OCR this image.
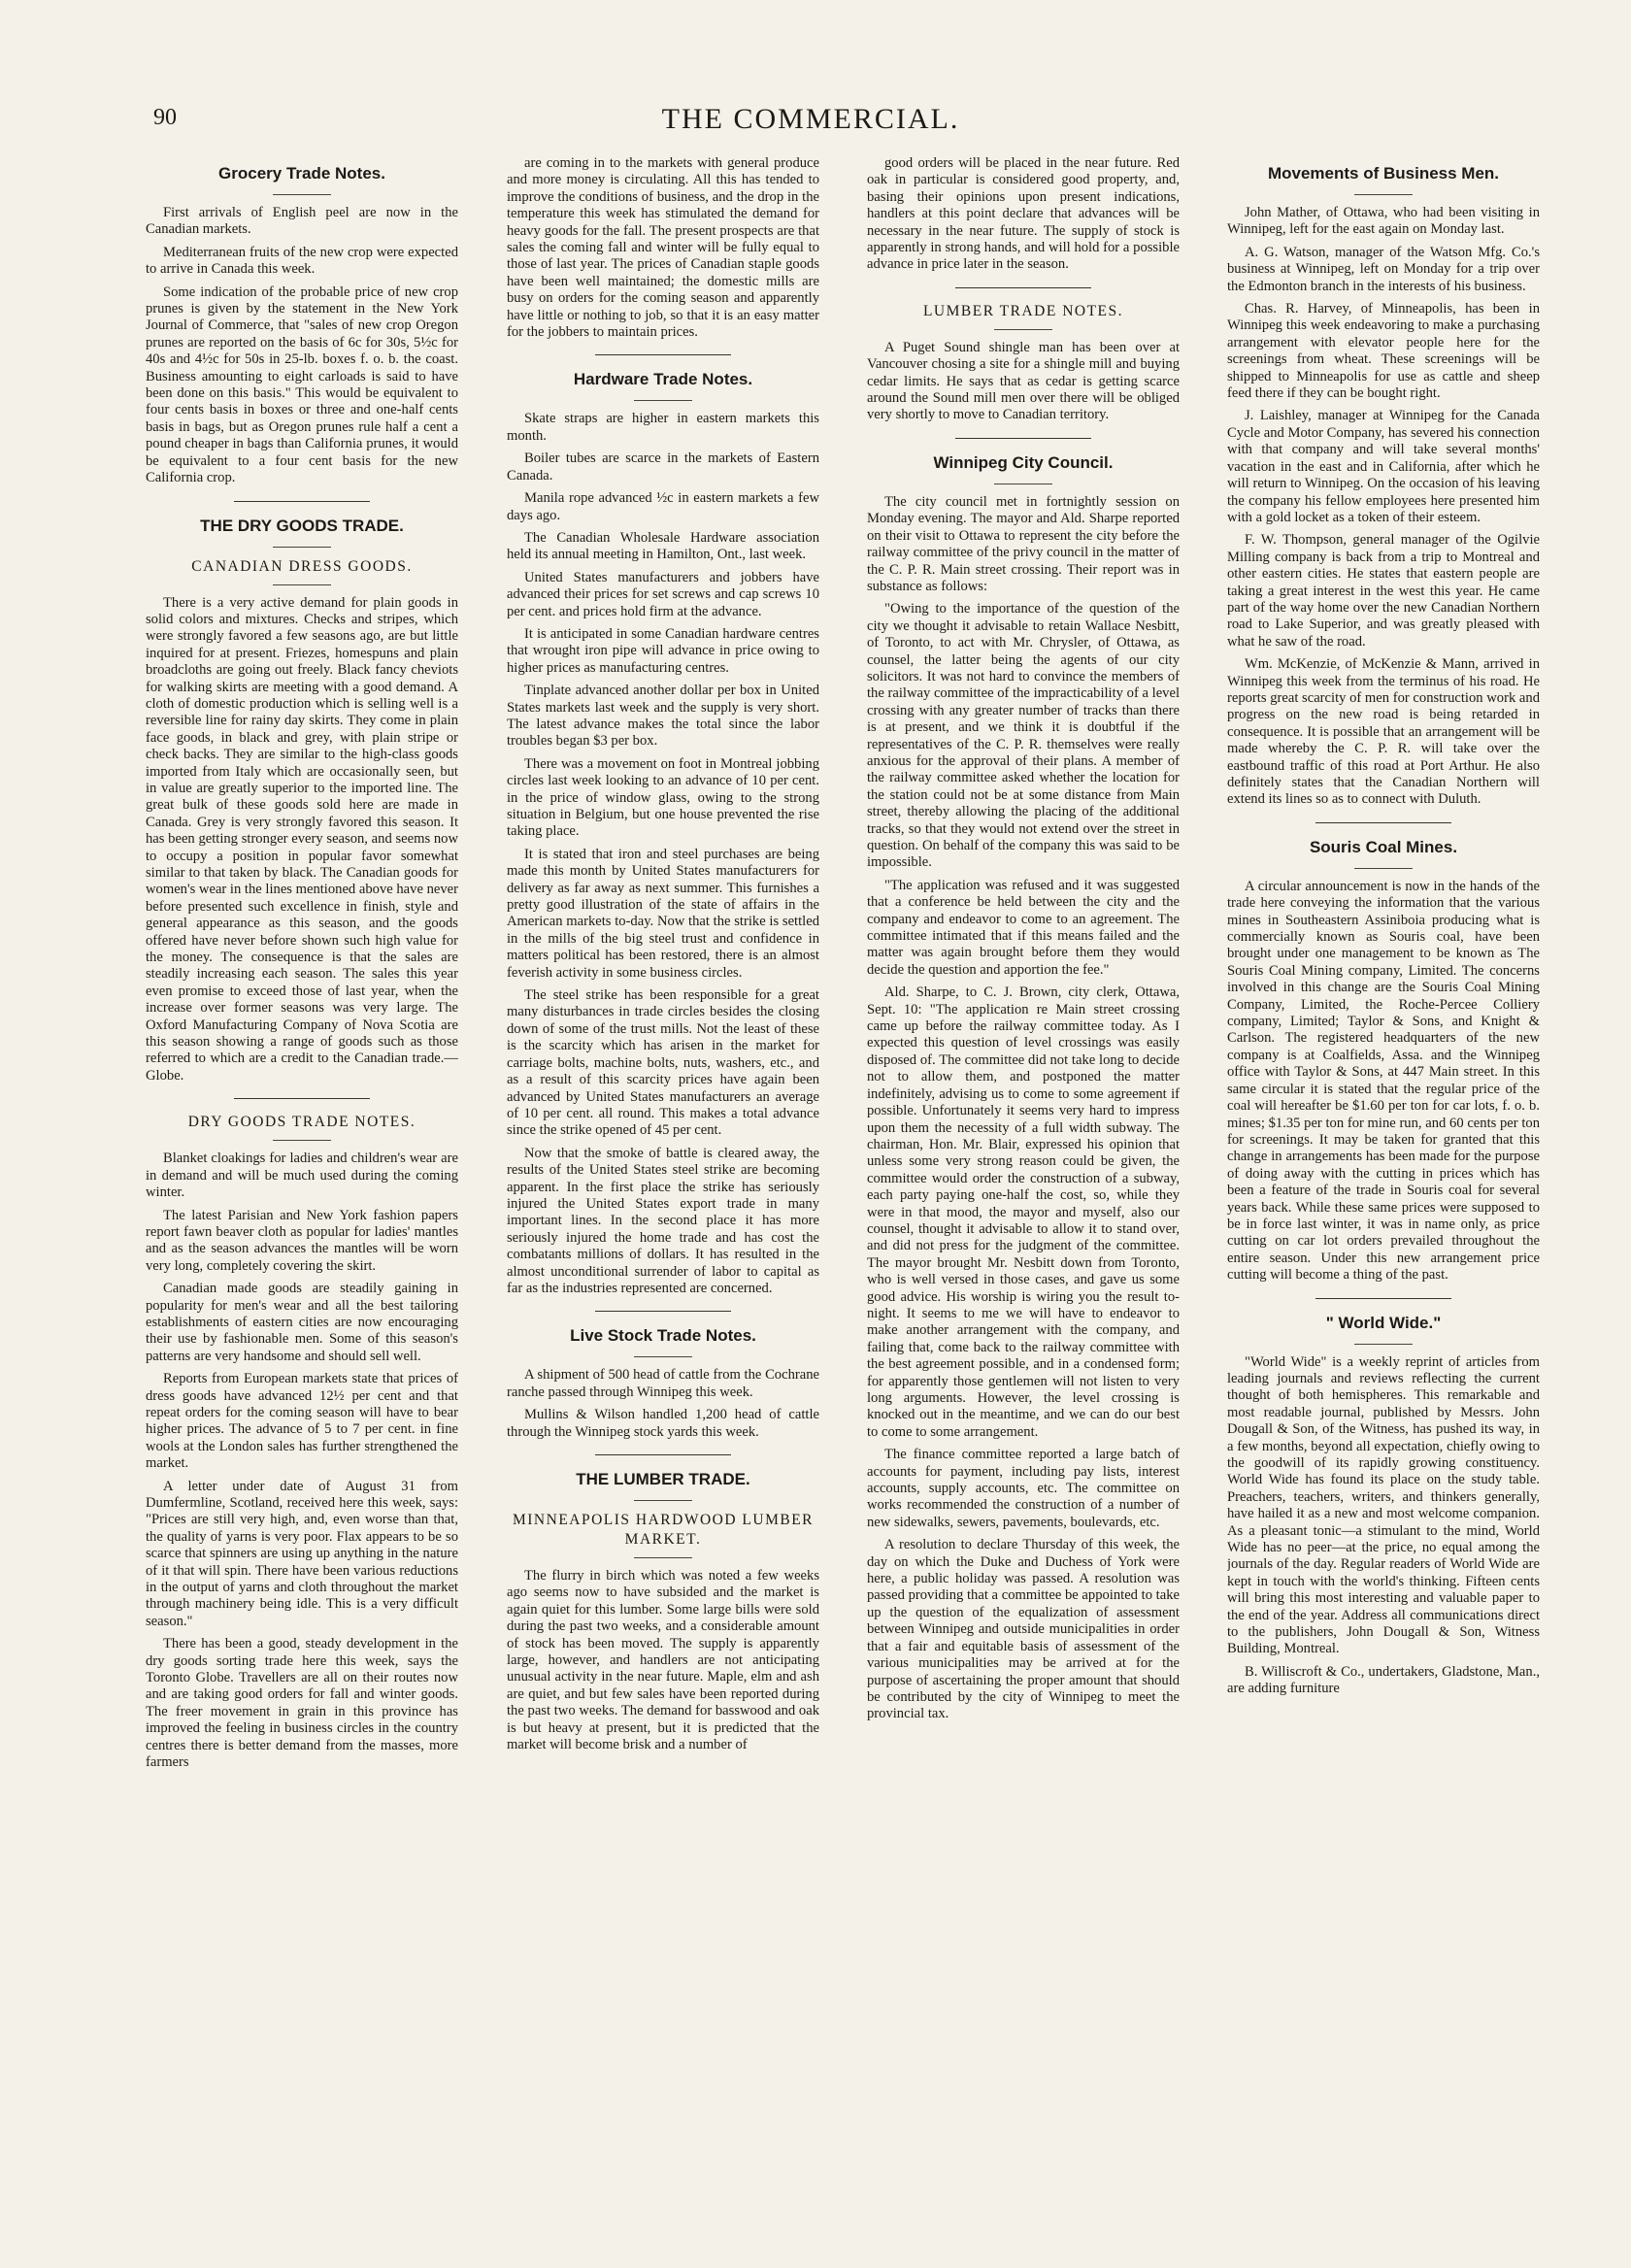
90	THE COMMERCIAL.
Grocery Trade Notes.

First arrivals of English peel are now in the Canadian markets.

Mediterranean fruits of the new crop were expected to arrive in Canada this week.

Some indication of the probable price of new crop prunes is given by the statement in the New York Journal of Commerce, that "sales of new crop Oregon prunes are reported on the basis of 6c for 30s, 5½c for 40s and 4½c for 50s in 25-lb. boxes f. o. b. the coast. Business amounting to eight carloads is said to have been done on this basis." This would be equivalent to four cents basis in boxes or three and one-half cents basis in bags, but as Oregon prunes rule half a cent a pound cheaper in bags than California prunes, it would be equivalent to a four cent basis for the new California crop.

THE DRY GOODS TRADE.
CANADIAN DRESS GOODS.

There is a very active demand for plain goods in solid colors and mixtures. Checks and stripes, which were strongly favored a few seasons ago, are but little inquired for at present. Friezes, homespuns and plain broadcloths are going out freely. Black fancy cheviots for walking skirts are meeting with a good demand. A cloth of domestic production which is selling well is a reversible line for rainy day skirts. They come in plain face goods, in black and grey, with plain stripe or check backs. They are similar to the high-class goods imported from Italy which are occasionally seen, but in value are greatly superior to the imported line. The great bulk of these goods sold here are made in Canada. Grey is very strongly favored this season. It has been getting stronger every season, and seems now to occupy a position in popular favor somewhat similar to that taken by black. The Canadian goods for women's wear in the lines mentioned above have never before presented such excellence in finish, style and general appearance as this season, and the goods offered have never before shown such high value for the money. The consequence is that the sales are steadily increasing each season. The sales this year even promise to exceed those of last year, when the increase over former seasons was very large. The Oxford Manufacturing Company of Nova Scotia are this season showing a range of goods such as those referred to which are a credit to the Canadian trade.—Globe.

DRY GOODS TRADE NOTES.

Blanket cloakings for ladies and children's wear are in demand and will be much used during the coming winter.

The latest Parisian and New York fashion papers report fawn beaver cloth as popular for ladies' mantles and as the season advances the mantles will be worn very long, completely covering the skirt.

Canadian made goods are steadily gaining in popularity for men's wear and all the best tailoring establishments of eastern cities are now encouraging their use by fashionable men. Some of this season's patterns are very handsome and should sell well.

Reports from European markets state that prices of dress goods have advanced 12½ per cent and that repeat orders for the coming season will have to bear higher prices. The advance of 5 to 7 per cent. in fine wools at the London sales has further strengthened the market.

A letter under date of August 31 from Dumfermline, Scotland, received here this week, says: "Prices are still very high, and, even worse than that, the quality of yarns is very poor. Flax appears to be so scarce that spinners are using up anything in the nature of it that will spin. There have been various reductions in the output of yarns and cloth throughout the market through machinery being idle. This is a very difficult season."

There has been a good, steady development in the dry goods sorting trade here this week, says the Toronto Globe. Travellers are all on their routes now and are taking good orders for fall and winter goods. The freer movement in grain in this province has improved the feeling in business circles in the country centres there is better demand from the masses, more farmers

are coming in to the markets with general produce and more money is circulating. All this has tended to improve the conditions of business, and the drop in the temperature this week has stimulated the demand for heavy goods for the fall. The present prospects are that sales the coming fall and winter will be fully equal to those of last year. The prices of Canadian staple goods have been well maintained; the domestic mills are busy on orders for the coming season and apparently have little or nothing to job, so that it is an easy matter for the jobbers to maintain prices.

Hardware Trade Notes.

Skate straps are higher in eastern markets this month.

Boiler tubes are scarce in the markets of Eastern Canada.

Manila rope advanced ½c in eastern markets a few days ago.

The Canadian Wholesale Hardware association held its annual meeting in Hamilton, Ont., last week.

United States manufacturers and jobbers have advanced their prices for set screws and cap screws 10 per cent. and prices hold firm at the advance.

It is anticipated in some Canadian hardware centres that wrought iron pipe will advance in price owing to higher prices as manufacturing centres.

Tinplate advanced another dollar per box in United States markets last week and the supply is very short. The latest advance makes the total since the labor troubles began $3 per box.

There was a movement on foot in Montreal jobbing circles last week looking to an advance of 10 per cent. in the price of window glass, owing to the strong situation in Belgium, but one house prevented the rise taking place.

It is stated that iron and steel purchases are being made this month by United States manufacturers for delivery as far away as next summer. This furnishes a pretty good illustration of the state of affairs in the American markets to-day. Now that the strike is settled in the mills of the big steel trust and confidence in matters political has been restored, there is an almost feverish activity in some business circles.

The steel strike has been responsible for a great many disturbances in trade circles besides the closing down of some of the trust mills. Not the least of these is the scarcity which has arisen in the market for carriage bolts, machine bolts, nuts, washers, etc., and as a result of this scarcity prices have again been advanced by United States manufacturers an average of 10 per cent. all round. This makes a total advance since the strike opened of 45 per cent.

Now that the smoke of battle is cleared away, the results of the United States steel strike are becoming apparent. In the first place the strike has seriously injured the United States export trade in many important lines. In the second place it has more seriously injured the home trade and has cost the combatants millions of dollars. It has resulted in the almost unconditional surrender of labor to capital as far as the industries represented are concerned.

Live Stock Trade Notes.

A shipment of 500 head of cattle from the Cochrane ranche passed through Winnipeg this week.

Mullins & Wilson handled 1,200 head of cattle through the Winnipeg stock yards this week.

THE LUMBER TRADE.
MINNEAPOLIS HARDWOOD LUMBER MARKET.

The flurry in birch which was noted a few weeks ago seems now to have subsided and the market is again quiet for this lumber. Some large bills were sold during the past two weeks, and a considerable amount of stock has been moved. The supply is apparently large, however, and handlers are not anticipating unusual activity in the near future. Maple, elm and ash are quiet, and but few sales have been reported during the past two weeks. The demand for basswood and oak is but heavy at present, but it is predicted that the market will become brisk and a number of

good orders will be placed in the near future. Red oak in particular is considered good property, and, basing their opinions upon present indications, handlers at this point declare that advances will be necessary in the near future. The supply of stock is apparently in strong hands, and will hold for a possible advance in price later in the season.

LUMBER TRADE NOTES.

A Puget Sound shingle man has been over at Vancouver chosing a site for a shingle mill and buying cedar limits. He says that as cedar is getting scarce around the Sound mill men over there will be obliged very shortly to move to Canadian territory.

Winnipeg City Council.

The city council met in fortnightly session on Monday evening. The mayor and Ald. Sharpe reported on their visit to Ottawa to represent the city before the railway committee of the privy council in the matter of the C. P. R. Main street crossing. Their report was in substance as follows:

"Owing to the importance of the question of the city we thought it advisable to retain Wallace Nesbitt, of Toronto, to act with Mr. Chrysler, of Ottawa, as counsel, the latter being the agents of our city solicitors. It was not hard to convince the members of the railway committee of the impracticability of a level crossing with any greater number of tracks than there is at present, and we think it is doubtful if the representatives of the C. P. R. themselves were really anxious for the approval of their plans. A member of the railway committee asked whether the location for the station could not be at some distance from Main street, thereby allowing the placing of the additional tracks, so that they would not extend over the street in question. On behalf of the company this was said to be impossible.

"The application was refused and it was suggested that a conference be held between the city and the company and endeavor to come to an agreement. The committee intimated that if this means failed and the matter was again brought before them they would decide the question and apportion the fee."

Ald. Sharpe, to C. J. Brown, city clerk, Ottawa, Sept. 10: "The application re Main street crossing came up before the railway committee today. As I expected this question of level crossings was easily disposed of. The committee did not take long to decide not to allow them, and postponed the matter indefinitely, advising us to come to some agreement if possible. Unfortunately it seems very hard to impress upon them the necessity of a full width subway. The chairman, Hon. Mr. Blair, expressed his opinion that unless some very strong reason could be given, the committee would order the construction of a subway, each party paying one-half the cost, so, while they were in that mood, the mayor and myself, also our counsel, thought it advisable to allow it to stand over, and did not press for the judgment of the committee. The mayor brought Mr. Nesbitt down from Toronto, who is well versed in those cases, and gave us some good advice. His worship is wiring you the result to-night. It seems to me we will have to endeavor to make another arrangement with the company, and failing that, come back to the railway committee with the best agreement possible, and in a condensed form; for apparently those gentlemen will not listen to very long arguments. However, the level crossing is knocked out in the meantime, and we can do our best to come to some arrangement.

The finance committee reported a large batch of accounts for payment, including pay lists, interest accounts, supply accounts, etc. The committee on works recommended the construction of a number of new sidewalks, sewers, pavements, boulevards, etc.

A resolution to declare Thursday of this week, the day on which the Duke and Duchess of York were here, a public holiday was passed. A resolution was passed providing that a committee be appointed to take up the question of the equalization of assessment between Winnipeg and outside municipalities in order that a fair and equitable basis of assessment of the various municipalities may be arrived at for the purpose of ascertaining the proper amount that should be contributed by the city of Winnipeg to meet the provincial tax.

Movements of Business Men.

John Mather, of Ottawa, who had been visiting in Winnipeg, left for the east again on Monday last.

A. G. Watson, manager of the Watson Mfg. Co.'s business at Winnipeg, left on Monday for a trip over the Edmonton branch in the interests of his business.

Chas. R. Harvey, of Minneapolis, has been in Winnipeg this week endeavoring to make a purchasing arrangement with elevator people here for the screenings from wheat. These screenings will be shipped to Minneapolis for use as cattle and sheep feed there if they can be bought right.

J. Laishley, manager at Winnipeg for the Canada Cycle and Motor Company, has severed his connection with that company and will take several months' vacation in the east and in California, after which he will return to Winnipeg. On the occasion of his leaving the company his fellow employees here presented him with a gold locket as a token of their esteem.

F. W. Thompson, general manager of the Ogilvie Milling company is back from a trip to Montreal and other eastern cities. He states that eastern people are taking a great interest in the west this year. He came part of the way home over the new Canadian Northern road to Lake Superior, and was greatly pleased with what he saw of the road.

Wm. McKenzie, of McKenzie & Mann, arrived in Winnipeg this week from the terminus of his road. He reports great scarcity of men for construction work and progress on the new road is being retarded in consequence. It is possible that an arrangement will be made whereby the C. P. R. will take over the eastbound traffic of this road at Port Arthur. He also definitely states that the Canadian Northern will extend its lines so as to connect with Duluth.

Souris Coal Mines.

A circular announcement is now in the hands of the trade here conveying the information that the various mines in Southeastern Assiniboia producing what is commercially known as Souris coal, have been brought under one management to be known as The Souris Coal Mining company, Limited. The concerns involved in this change are the Souris Coal Mining Company, Limited, the Roche-Percee Colliery company, Limited; Taylor & Sons, and Knight & Carlson. The registered headquarters of the new company is at Coalfields, Assa. and the Winnipeg office with Taylor & Sons, at 447 Main street. In this same circular it is stated that the regular price of the coal will hereafter be $1.60 per ton for car lots, f. o. b. mines; $1.35 per ton for mine run, and 60 cents per ton for screenings. It may be taken for granted that this change in arrangements has been made for the purpose of doing away with the cutting in prices which has been a feature of the trade in Souris coal for several years back. While these same prices were supposed to be in force last winter, it was in name only, as price cutting on car lot orders prevailed throughout the entire season. Under this new arrangement price cutting will become a thing of the past.

" World Wide."

"World Wide" is a weekly reprint of articles from leading journals and reviews reflecting the current thought of both hemispheres. This remarkable and most readable journal, published by Messrs. John Dougall & Son, of the Witness, has pushed its way, in a few months, beyond all expectation, chiefly owing to the goodwill of its rapidly growing constituency. World Wide has found its place on the study table. Preachers, teachers, writers, and thinkers generally, have hailed it as a new and most welcome companion. As a pleasant tonic—a stimulant to the mind, World Wide has no peer—at the price, no equal among the journals of the day. Regular readers of World Wide are kept in touch with the world's thinking. Fifteen cents will bring this most interesting and valuable paper to the end of the year. Address all communications direct to the publishers, John Dougall & Son, Witness Building, Montreal.

B. Williscroft & Co., undertakers, Gladstone, Man., are adding furniture
